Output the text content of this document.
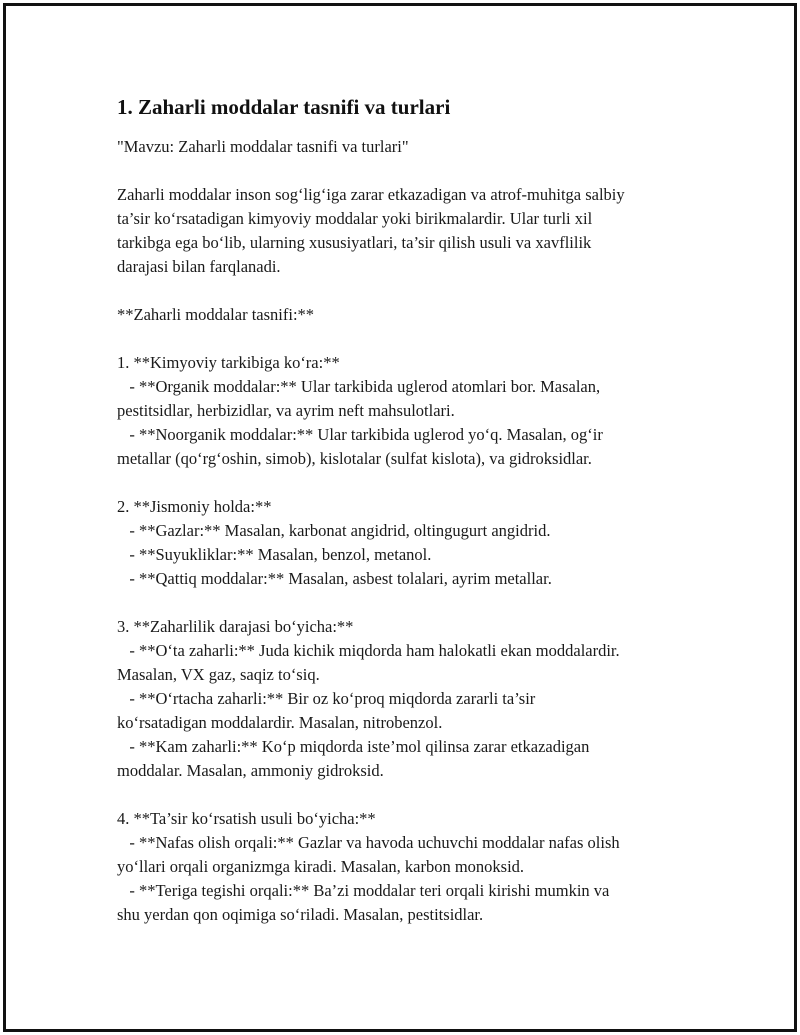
1. Zaharli moddalar tasnifi va turlari

"Mavzu: Zaharli moddalar tasnifi va turlari"

Zaharli moddalar inson sog‘lig‘iga zarar etkazadigan va atrof-muhitga salbiy
ta’sir ko‘rsatadigan kimyoviy moddalar yoki birikmalardir. Ular turli xil
tarkibga ega bo‘lib, ularning xususiyatlari, ta’sir qilish usuli va xavflilik
darajasi bilan farqlanadi.

**Zaharli moddalar tasnifi:**

1. **Kimyoviy tarkibiga ko‘ra:**

- **Organik moddalar:** Ular tarkibida uglerod atomlari bor. Masalan,
pestitsidlar, herbizidlar, va ayrim neft mahsulotlari.

- **Noorganik moddalar:** Ular tarkibida uglerod yo‘q. Masalan, og‘ir
metallar (qo‘rg‘oshin, simob), kislotalar (sulfat kislota), va gidroksidlar.

2. **Jismoniy holda:**

- **Gazlar:** Masalan, karbonat angidrid, oltingugurt angidrid.

- **Suyukliklar:** Masalan, benzol, metanol.

- **Qattiq moddalar:** Masalan, asbest tolalari, ayrim metallar.

3. **Zaharlilik darajasi bo‘yicha:**

- **O‘ta zaharli:** Juda kichik miqdorda ham halokatli ekan moddalardir.
Masalan, VX gaz, saqiz to‘siq.

- **O‘rtacha zaharli:** Bir oz ko‘proq miqdorda zararli ta’sir
ko‘rsatadigan moddalardir. Masalan, nitrobenzol.

- **Kam zaharli:** Ko‘p miqdorda iste’mol qilinsa zarar etkazadigan
moddalar. Masalan, ammoniy gidroksid.

4. **Ta’sir ko‘rsatish usuli bo‘yicha:**

- **Nafas olish orqali:** Gazlar va havoda uchuvchi moddalar nafas olish
yo‘llari orqali organizmga kiradi. Masalan, karbon monoksid.

- **Teriga tegishi orqali:** Ba’zi moddalar teri orqali kirishi mumkin va
shu yerdan qon oqimiga so‘riladi. Masalan, pestitsidlar.
